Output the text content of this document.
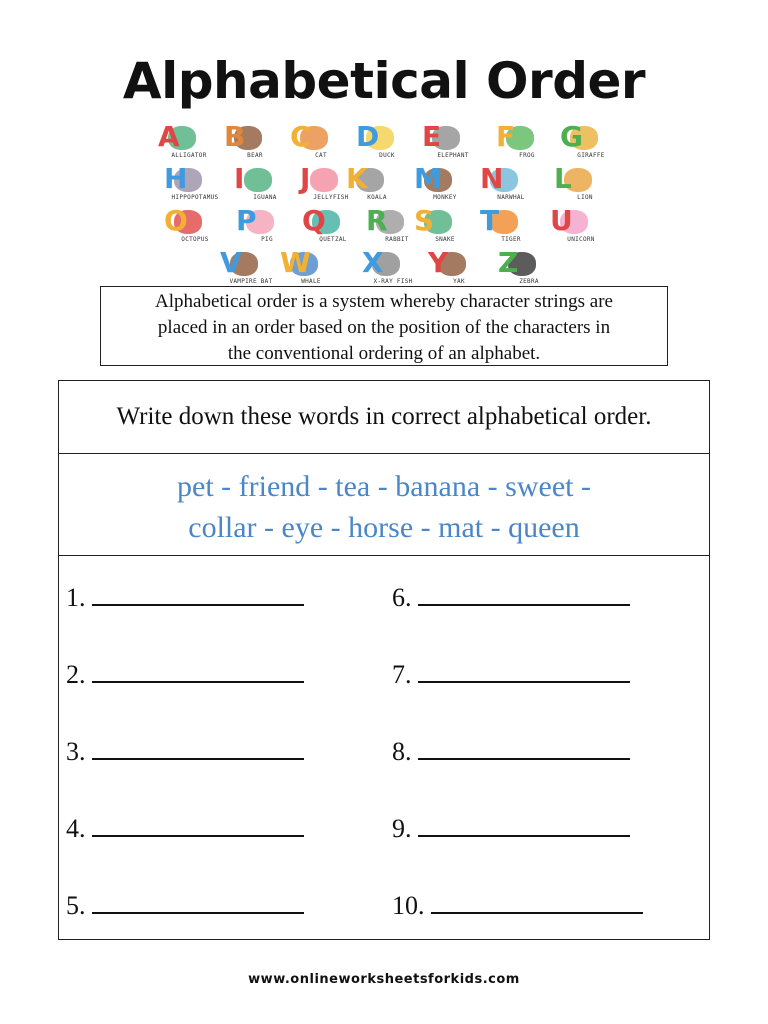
Alphabetical Order
A
ALLIGATOR
B
BEAR
C
CAT
D
DUCK
E
ELEPHANT
F
FROG
G
GIRAFFE
H
HIPPOPOTAMUS
I
IGUANA
J
JELLYFISH
K
KOALA
M
MONKEY
N
NARWHAL
L
LION
O
OCTOPUS
P
PIG
Q
QUETZAL
R
RABBIT
S
SNAKE
T
TIGER
U
UNICORN
V
VAMPIRE BAT
W
WHALE
X
X-RAY FISH
Y
YAK
Z
ZEBRA
Alphabetical order is a system whereby character strings are
placed in an order based on the position of the characters in
the conventional ordering of an alphabet.
Write down these words in correct alphabetical order.
pet - friend - tea - banana - sweet -
collar - eye - horse - mat - queen
1.
2.
3.
4.
5.
6.
7.
8.
9.
10.
www.onlineworksheetsforkids.com
